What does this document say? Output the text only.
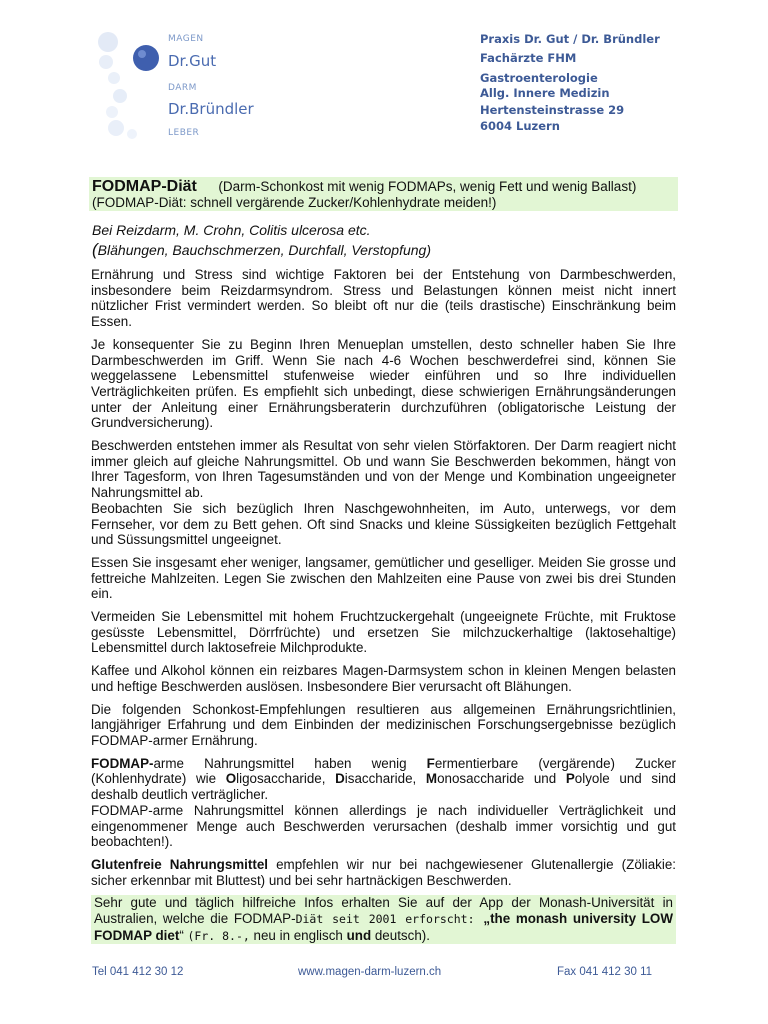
MAGEN
Dr.Gut
DARM
Dr.Bründler
LEBER
Praxis Dr. Gut / Dr. Bründler
Fachärzte FHM
Gastroenterologie
Allg. Innere Medizin
Hertensteinstrasse 29
6004 Luzern
FODMAP-Diät (Darm-Schonkost mit wenig FODMAPs, wenig Fett und wenig Ballast)
(FODMAP-Diät: schnell vergärende Zucker/Kohlenhydrate meiden!)
Bei Reizdarm, M. Crohn, Colitis ulcerosa etc.
(Blähungen, Bauchschmerzen, Durchfall, Verstopfung)

Ernährung und Stress sind wichtige Faktoren bei der Entstehung von Darmbeschwerden, insbesondere beim Reizdarmsyndrom. Stress und Belastungen können meist nicht innert nützlicher Frist vermindert werden. So bleibt oft nur die (teils drastische) Einschränkung beim Essen.

Je konsequenter Sie zu Beginn Ihren Menueplan umstellen, desto schneller haben Sie Ihre Darmbeschwerden im Griff. Wenn Sie nach 4-6 Wochen beschwerdefrei sind, können Sie weggelassene Lebensmittel stufenweise wieder einführen und so Ihre individuellen Verträglichkeiten prüfen. Es empfiehlt sich unbedingt, diese schwierigen Ernährungsänderungen unter der Anleitung einer Ernährungsberaterin durchzuführen (obligatorische Leistung der Grundversicherung).

Beschwerden entstehen immer als Resultat von sehr vielen Störfaktoren. Der Darm reagiert nicht immer gleich auf gleiche Nahrungsmittel. Ob und wann Sie Beschwerden bekommen, hängt von Ihrer Tagesform, von Ihren Tagesumständen und von der Menge und Kombination ungeeigneter Nahrungsmittel ab.

Beobachten Sie sich bezüglich Ihren Naschgewohnheiten, im Auto, unterwegs, vor dem Fernseher, vor dem zu Bett gehen. Oft sind Snacks und kleine Süssigkeiten bezüglich Fettgehalt und Süssungsmittel ungeeignet.

Essen Sie insgesamt eher weniger, langsamer, gemütlicher und geselliger. Meiden Sie grosse und fettreiche Mahlzeiten. Legen Sie zwischen den Mahlzeiten eine Pause von zwei bis drei Stunden ein.

Vermeiden Sie Lebensmittel mit hohem Fruchtzuckergehalt (ungeeignete Früchte, mit Fruktose gesüsste Lebensmittel, Dörrfrüchte) und ersetzen Sie milchzuckerhaltige (laktosehaltige) Lebensmittel durch laktosefreie Milchprodukte.

Kaffee und Alkohol können ein reizbares Magen-Darmsystem schon in kleinen Mengen belasten und heftige Beschwerden auslösen. Insbesondere Bier verursacht oft Blähungen.

Die folgenden Schonkost-Empfehlungen resultieren aus allgemeinen Ernährungsrichtlinien, langjähriger Erfahrung und dem Einbinden der medizinischen Forschungsergebnisse bezüglich FODMAP-armer Ernährung.

FODMAP-arme Nahrungsmittel haben wenig Fermentierbare (vergärende) Zucker (Kohlenhydrate) wie Oligosaccharide, Disaccharide, Monosaccharide und Polyole und sind deshalb deutlich verträglicher.

FODMAP-arme Nahrungsmittel können allerdings je nach individueller Verträglichkeit und eingenommener Menge auch Beschwerden verursachen (deshalb immer vorsichtig und gut beobachten!).

Glutenfreie Nahrungsmittel empfehlen wir nur bei nachgewiesener Glutenallergie (Zöliakie: sicher erkennbar mit Bluttest) und bei sehr hartnäckigen Beschwerden.

Sehr gute und täglich hilfreiche Infos erhalten Sie auf der App der Monash-Universität in Australien, welche die FODMAP-Diät seit 2001 erforscht: „the monash university LOW FODMAP diet“ (Fr. 8.-, neu in englisch und deutsch).

Tel 041 412 30 12	www.magen-darm-luzern.ch	Fax 041 412 30 11
